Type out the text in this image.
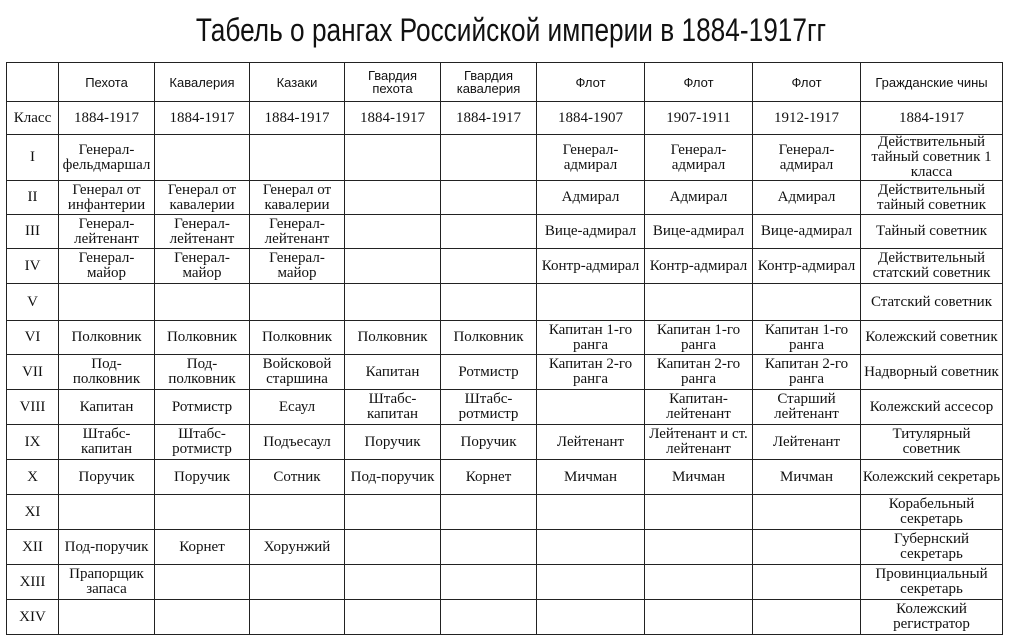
Табель о рангах Российской империи в 1884-1917гг
	Пехота	Кавалерия	Казаки	Гвардия пехота	Гвардия кавалерия	Флот	Флот	Флот	Гражданские чины
Класс	1884-1917	1884-1917	1884-1917	1884-1917	1884-1917	1884-1907	1907-1911	1912-1917	1884-1917
I	Генерал-фельдмаршал					Генерал-адмирал	Генерал-адмирал	Генерал-адмирал	Действительный тайный советник 1 класса
II	Генерал от инфантерии	Генерал от кавалерии	Генерал от кавалерии			Адмирал	Адмирал	Адмирал	Действительный тайный советник
III	Генерал-лейтенант	Генерал-лейтенант	Генерал-лейтенант			Вице-адмирал	Вице-адмирал	Вице-адмирал	Тайный советник
IV	Генерал-майор	Генерал-майор	Генерал-майор			Контр-адмирал	Контр-адмирал	Контр-адмирал	Действительный статский советник
V									Статский советник
VI	Полковник	Полковник	Полковник	Полковник	Полковник	Капитан 1-го ранга	Капитан 1-го ранга	Капитан 1-го ранга	Колежский советник
VII	Под-полковник	Под-полковник	Войсковой старшина	Капитан	Ротмистр	Капитан 2-го ранга	Капитан 2-го ранга	Капитан 2-го ранга	Надворный советник
VIII	Капитан	Ротмистр	Есаул	Штабс-капитан	Штабс-ротмистр		Капитан-лейтенант	Старший лейтенант	Колежский ассесор
IX	Штабс-капитан	Штабс-ротмистр	Подъесаул	Поручик	Поручик	Лейтенант	Лейтенант и ст. лейтенант	Лейтенант	Титулярный советник
X	Поручик	Поручик	Сотник	Под-поручик	Корнет	Мичман	Мичман	Мичман	Колежский секретарь
XI									Корабельный секретарь
XII	Под-поручик	Корнет	Хорунжий						Губернский секретарь
XIII	Прапорщик запаса								Провинциальный секретарь
XIV									Колежский регистратор
